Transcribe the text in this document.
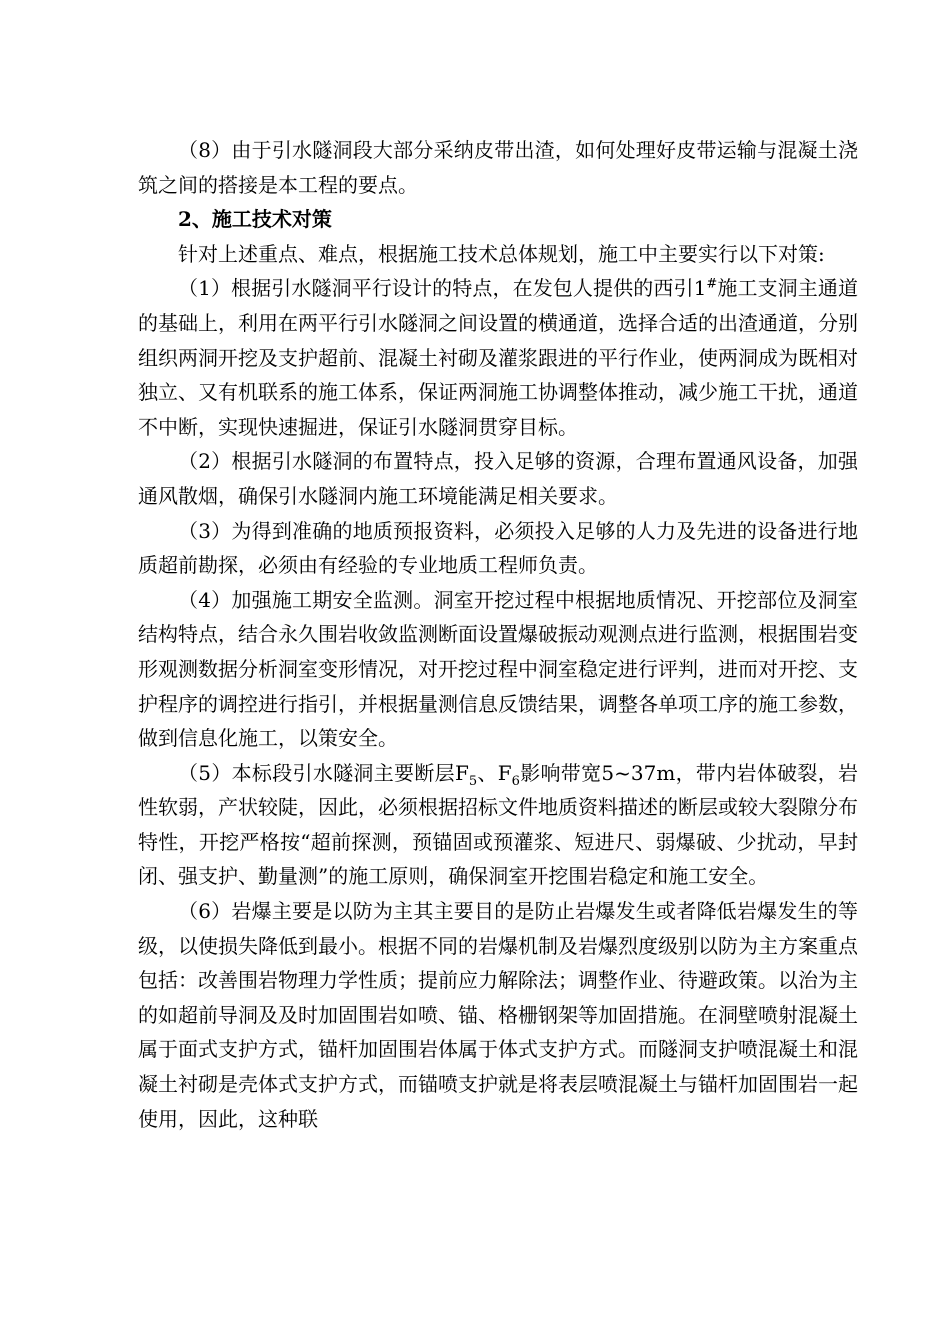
（8）由于引水隧洞段大部分采纳皮带出渣，如何处理好皮带运输与混凝土浇筑之间的搭接是本工程的要点。

2、施工技术对策

针对上述重点、难点，根据施工技术总体规划，施工中主要实行以下对策:

（1）根据引水隧洞平行设计的特点，在发包人提供的西引1#施工支洞主通道的基础上，利用在两平行引水隧洞之间设置的横通道，选择合适的出渣通道，分别组织两洞开挖及支护超前、混凝土衬砌及灌浆跟进的平行作业，使两洞成为既相对独立、又有机联系的施工体系，保证两洞施工协调整体推动，减少施工干扰，通道不中断，实现快速掘进，保证引水隧洞贯穿目标。

（2）根据引水隧洞的布置特点，投入足够的资源，合理布置通风设备，加强通风散烟，确保引水隧洞内施工环境能满足相关要求。

（3）为得到准确的地质预报资料，必须投入足够的人力及先进的设备进行地质超前勘探，必须由有经验的专业地质工程师负责。

（4）加强施工期安全监测。洞室开挖过程中根据地质情况、开挖部位及洞室结构特点，结合永久围岩收敛监测断面设置爆破振动观测点进行监测，根据围岩变形观测数据分析洞室变形情况，对开挖过程中洞室稳定进行评判，进而对开挖、支护程序的调控进行指引，并根据量测信息反馈结果，调整各单项工序的施工参数，做到信息化施工，以策安全。

（5）本标段引水隧洞主要断层$F_5$、$F_6$影响带宽5~37m，带内岩体破裂，岩性软弱，产状较陡，因此，必须根据招标文件地质资料描述的断层或较大裂隙分布特性，开挖严格按“超前探测，预锚固或预灌浆、短进尺、弱爆破、少扰动，早封闭、强支护、勤量测”的施工原则，确保洞室开挖围岩稳定和施工安全。

（6）岩爆主要是以防为主其主要目的是防止岩爆发生或者降低岩爆发生的等级，以使损失降低到最小。根据不同的岩爆机制及岩爆烈度级别以防为主方案重点包括：改善围岩物理力学性质；提前应力解除法；调整作业、待避政策。以治为主的如超前导洞及及时加固围岩如喷、锚、格栅钢架等加固措施。在洞壁喷射混凝土属于面式支护方式，锚杆加固围岩体属于体式支护方式。而隧洞支护喷混凝土和混凝土衬砌是壳体式支护方式，而锚喷支护就是将表层喷混凝土与锚杆加固围岩一起使用，因此，这种联
